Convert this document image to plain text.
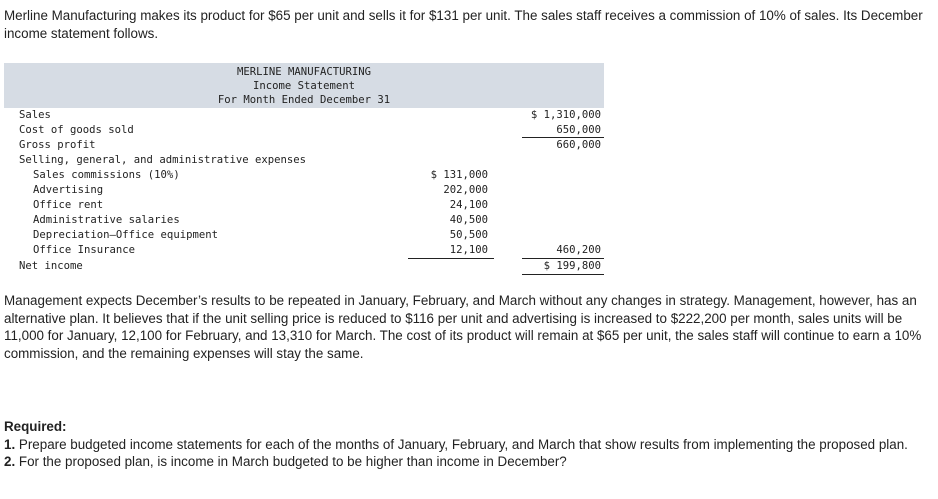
Merline Manufacturing makes its product for $65 per unit and sells it for $131 per unit. The sales staff receives a commission of 10% of sales. Its December income statement follows.
MERLINE MANUFACTURING
Income Statement
For Month Ended December 31
Sales	$ 1,310,000
Cost of goods sold	650,000
Gross profit	660,000
Selling, general, and administrative expenses
Sales commissions (10%)	$ 131,000
Advertising	202,000
Office rent	24,100
Administrative salaries	40,500
Depreciation—Office equipment	50,500
Office Insurance	12,100	460,200
Net income	$ 199,800
Management expects December’s results to be repeated in January, February, and March without any changes in strategy. Management, however, has an alternative plan. It believes that if the unit selling price is reduced to $116 per unit and advertising is increased to $222,200 per month, sales units will be 11,000 for January, 12,100 for February, and 13,310 for March. The cost of its product will remain at $65 per unit, the sales staff will continue to earn a 10% commission, and the remaining expenses will stay the same.
Required:
1. Prepare budgeted income statements for each of the months of January, February, and March that show results from implementing the proposed plan.
2. For the proposed plan, is income in March budgeted to be higher than income in December?
